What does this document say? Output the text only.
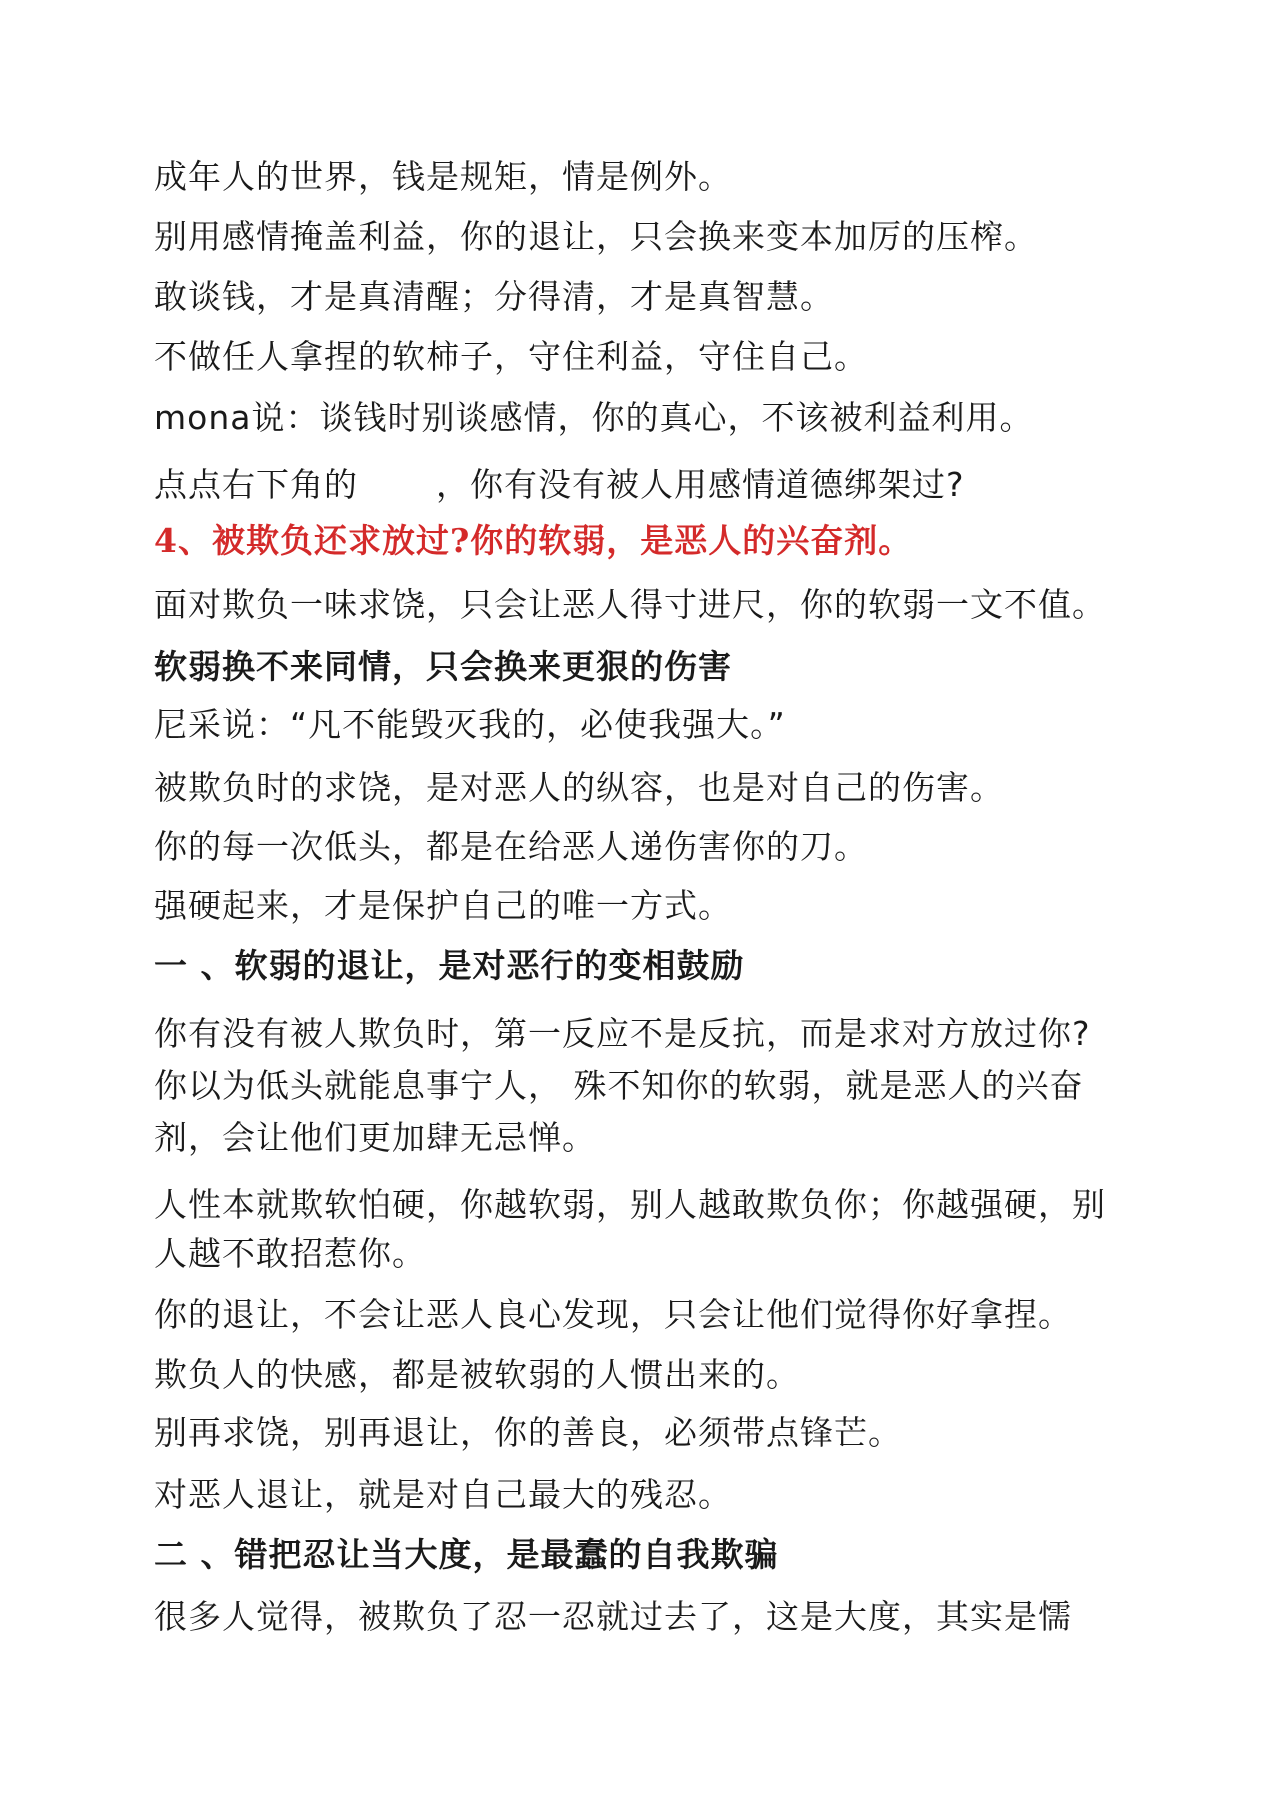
成年人的世界，钱是规矩，情是例外。
别用感情掩盖利益，你的退让，只会换来变本加厉的压榨。
敢谈钱，才是真清醒；分得清，才是真智慧。
不做任人拿捏的软柿子，守住利益，守住自己。
mona说：谈钱时别谈感情，你的真心，不该被利益利用。
点点右下角的 ，你有没有被人用感情道德绑架过?
4、被欺负还求放过?你的软弱，是恶人的兴奋剂。
面对欺负一味求饶，只会让恶人得寸进尺，你的软弱一文不值。
软弱换不来同情，只会换来更狠的伤害
尼采说：“凡不能毁灭我的，必使我强大。”
被欺负时的求饶，是对恶人的纵容，也是对自己的伤害。
你的每一次低头，都是在给恶人递伤害你的刀。
强硬起来，才是保护自己的唯一方式。
一 、软弱的退让，是对恶行的变相鼓励
你有没有被人欺负时，第一反应不是反抗，而是求对方放过你?
你以为低头就能息事宁人， 殊不知你的软弱，就是恶人的兴奋
剂，会让他们更加肆无忌惮。
人性本就欺软怕硬，你越软弱，别人越敢欺负你；你越强硬，别
人越不敢招惹你。
你的退让，不会让恶人良心发现，只会让他们觉得你好拿捏。
欺负人的快感，都是被软弱的人惯出来的。
别再求饶，别再退让，你的善良，必须带点锋芒。
对恶人退让，就是对自己最大的残忍。
二 、错把忍让当大度，是最蠢的自我欺骗
很多人觉得，被欺负了忍一忍就过去了，这是大度，其实是懦
